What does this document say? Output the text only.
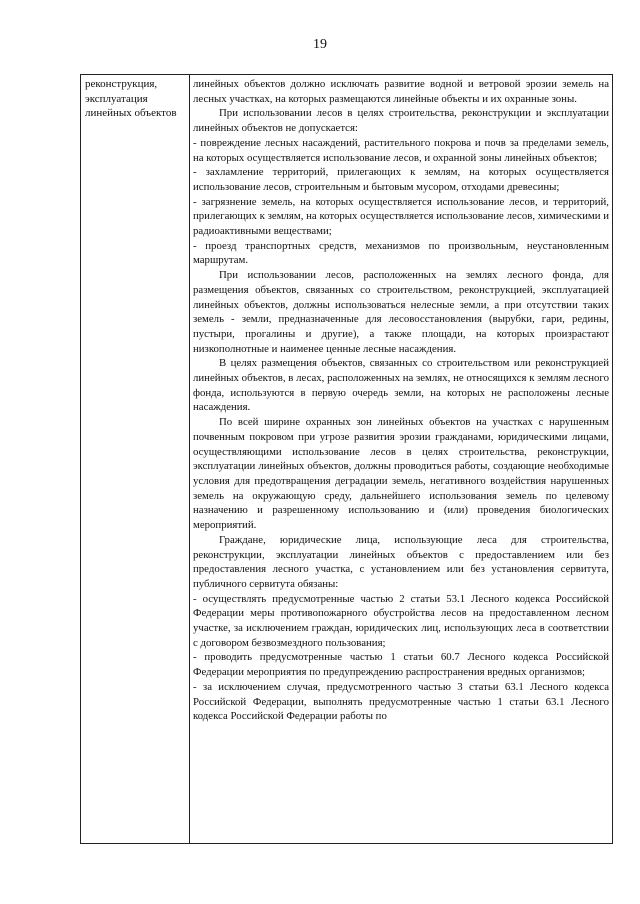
19
реконструкция, эксплуатация линейных объектов

линейных объектов должно исключать развитие водной и ветровой эрозии земель на лесных участках, на которых размещаются линейные объекты и их охранные зоны.

При использовании лесов в целях строительства, реконструкции и эксплуатации линейных объектов не допускается:

- повреждение лесных насаждений, растительного покрова и почв за пределами земель, на которых осуществляется использование лесов, и охранной зоны линейных объектов;

- захламление территорий, прилегающих к землям, на которых осуществляется использование лесов, строительным и бытовым мусором, отходами древесины;

- загрязнение земель, на которых осуществляется использование лесов, и территорий, прилегающих к землям, на которых осуществляется использование лесов, химическими и радиоактивными веществами;

- проезд транспортных средств, механизмов по произвольным, неустановленным маршрутам.

При использовании лесов, расположенных на землях лесного фонда, для размещения объектов, связанных со строительством, реконструкцией, эксплуатацией линейных объектов, должны использоваться нелесные земли, а при отсутствии таких земель - земли, предназначенные для лесовосстановления (вырубки, гари, редины, пустыри, прогалины и другие), а также площади, на которых произрастают низкополнотные и наименее ценные лесные насаждения.

В целях размещения объектов, связанных со строительством или реконструкцией линейных объектов, в лесах, расположенных на землях, не относящихся к землям лесного фонда, используются в первую очередь земли, на которых не расположены лесные насаждения.

По всей ширине охранных зон линейных объектов на участках с нарушенным почвенным покровом при угрозе развития эрозии гражданами, юридическими лицами, осуществляющими использование лесов в целях строительства, реконструкции, эксплуатации линейных объектов, должны проводиться работы, создающие необходимые условия для предотвращения деградации земель, негативного воздействия нарушенных земель на окружающую среду, дальнейшего использования земель по целевому назначению и разрешенному использованию и (или) проведения биологических мероприятий.

Граждане, юридические лица, использующие леса для строительства, реконструкции, эксплуатации линейных объектов с предоставлением или без предоставления лесного участка, с установлением или без установления сервитута, публичного сервитута обязаны:

- осуществлять предусмотренные частью 2 статьи 53.1 Лесного кодекса Российской Федерации меры противопожарного обустройства лесов на предоставленном лесном участке, за исключением граждан, юридических лиц, использующих леса в соответствии с договором безвозмездного пользования;

- проводить предусмотренные частью 1 статьи 60.7 Лесного кодекса Российской Федерации мероприятия по предупреждению распространения вредных организмов;

- за исключением случая, предусмотренного частью 3 статьи 63.1 Лесного кодекса Российской Федерации, выполнять предусмотренные частью 1 статьи 63.1 Лесного кодекса Российской Федерации работы по
